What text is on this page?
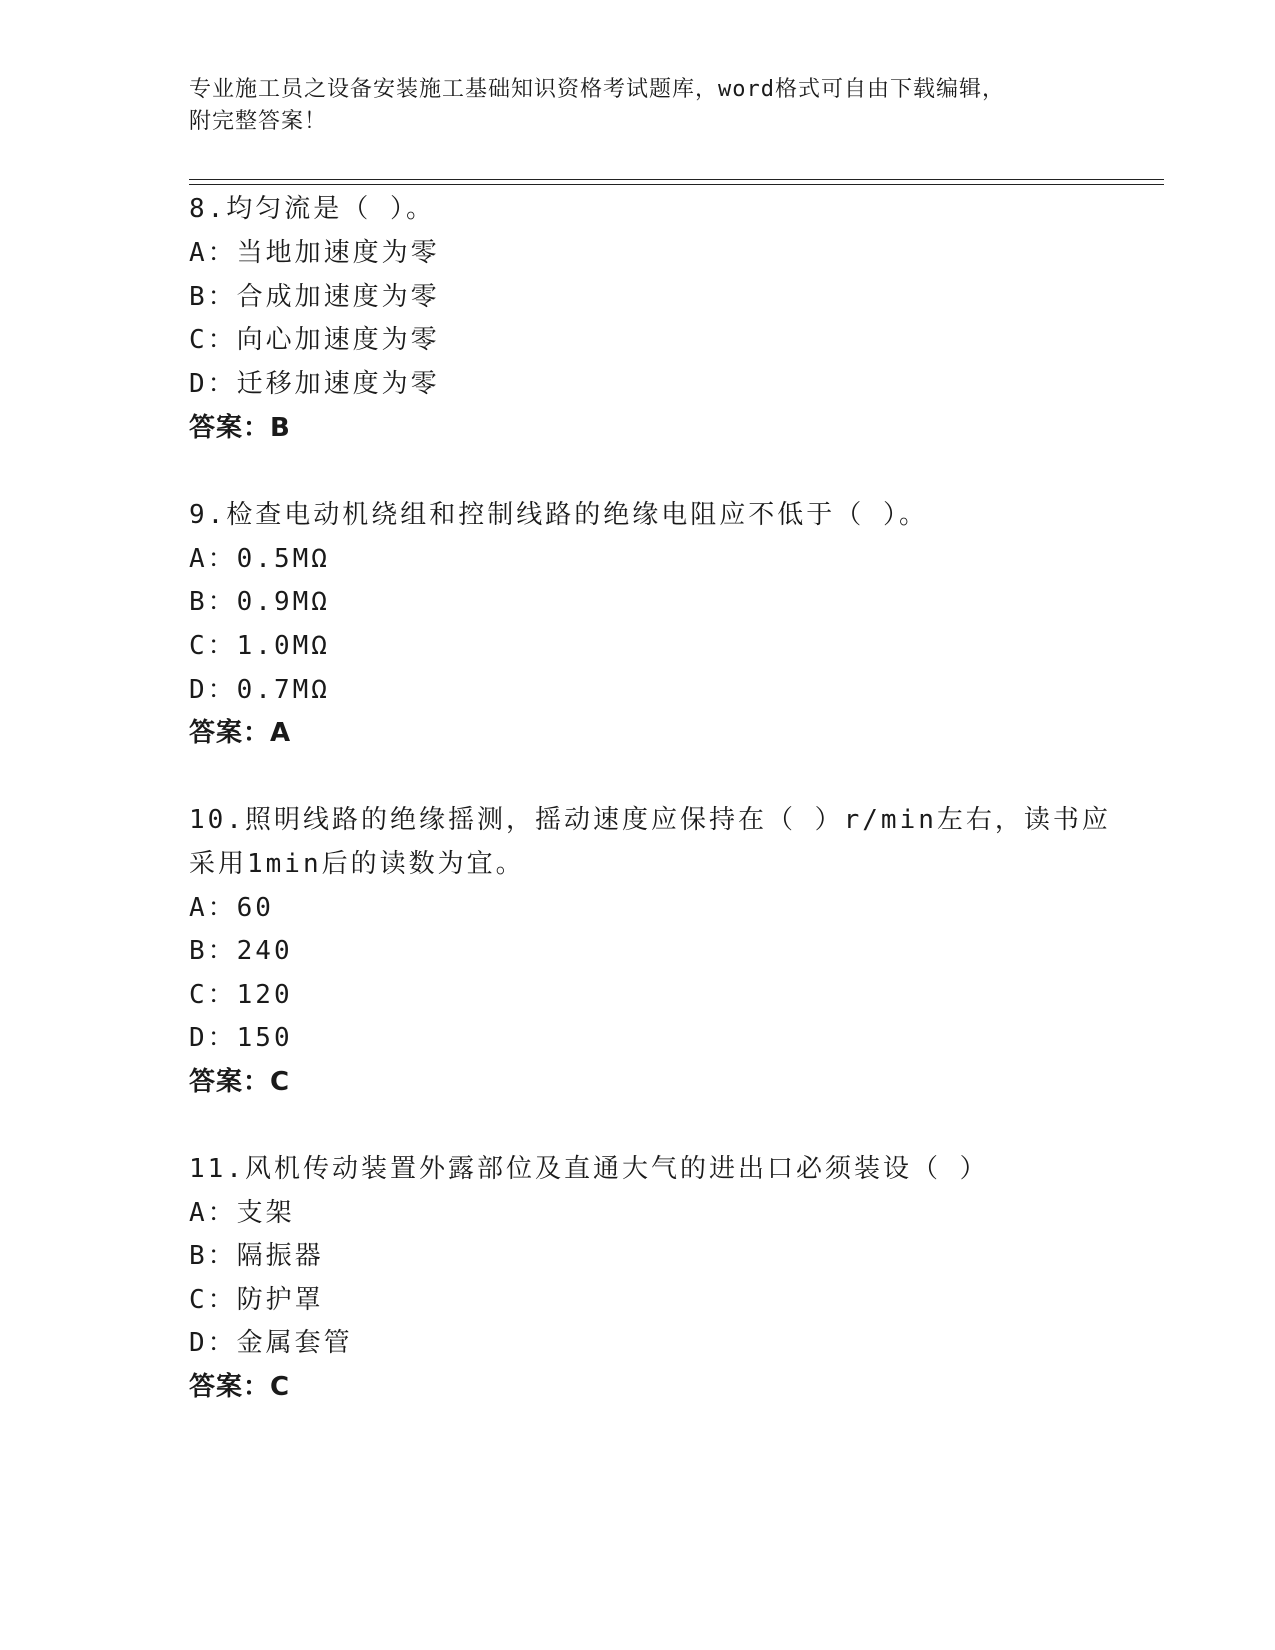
专业施工员之设备安装施工基础知识资格考试题库，word格式可自由下载编辑，
附完整答案！
8.均匀流是（ ）。
A：当地加速度为零
B：合成加速度为零
C：向心加速度为零
D：迁移加速度为零
答案：B
9.检查电动机绕组和控制线路的绝缘电阻应不低于（ ）。
A：0.5MΩ
B：0.9MΩ
C：1.0MΩ
D：0.7MΩ
答案：A
10.照明线路的绝缘摇测，摇动速度应保持在（ ）r/min左右，读书应
采用1min后的读数为宜。
A：60
B：240
C：120
D：150
答案：C
11.风机传动装置外露部位及直通大气的进出口必须装设（ ）
A：支架
B：隔振器
C：防护罩
D：金属套管
答案：C
